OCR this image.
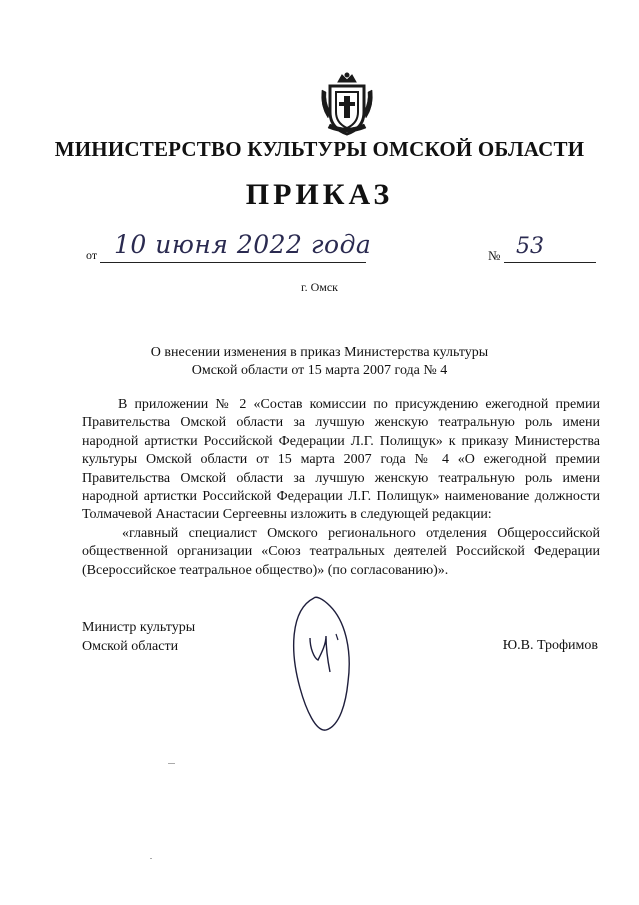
МИНИСТЕРСТВО КУЛЬТУРЫ ОМСКОЙ ОБЛАСТИ
ПРИКАЗ
от 10 июня 2022 года	№ 53
г. Омск
О внесении изменения в приказ Министерства культуры
Омской области от 15 марта 2007 года № 4

В приложении № 2 «Состав комиссии по присуждению ежегодной премии Правительства Омской области за лучшую женскую театральную роль имени народной артистки Российской Федерации Л.Г. Полищук» к приказу Министерства культуры Омской области от 15 марта 2007 года № 4 «О ежегодной премии Правительства Омской области за лучшую женскую театральную роль имени народной артистки Российской Федерации Л.Г. Полищук» наименование должности Толмачевой Анастасии Сергеевны изложить в следующей редакции:

«главный специалист Омского регионального отделения Общероссийской общественной организации «Союз театральных деятелей Российской Федерации (Всероссийское театральное общество)» (по согласованию)».

Министр культуры
Омской области	Ю.В. Трофимов
